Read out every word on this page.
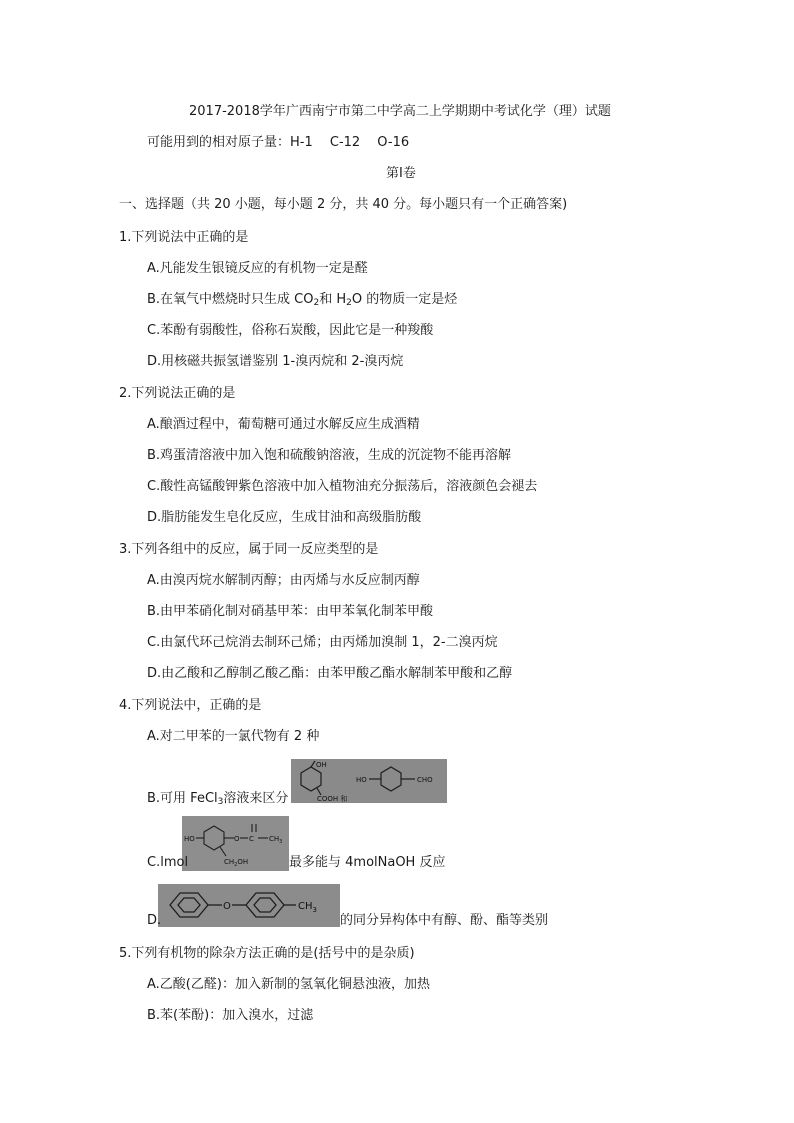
2017-2018学年广西南宁市第二中学高二上学期期中考试化学（理）试题
可能用到的相对原子量：H-1　 C-12　 O-16
第Ⅰ卷
一、选择题（共 20 小题，每小题 2 分，共 40 分。每小题只有一个正确答案)
1.下列说法中正确的是
A.凡能发生银镜反应的有机物一定是醛
B.在氧气中燃烧时只生成 $CO_2$和 $H_2O$ 的物质一定是烃
C.苯酚有弱酸性，俗称石炭酸，因此它是一种羧酸
D.用核磁共振氢谱鉴别 1-溴丙烷和 2-溴丙烷
2.下列说法正确的是
A.酿酒过程中，葡萄糖可通过水解反应生成酒精
B.鸡蛋清溶液中加入饱和硫酸钠溶液，生成的沉淀物不能再溶解
C.酸性高锰酸钾紫色溶液中加入植物油充分振荡后，溶液颜色会褪去
D.脂肪能发生皂化反应，生成甘油和高级脂肪酸
3.下列各组中的反应，属于同一反应类型的是
A.由溴丙烷水解制丙醇；由丙烯与水反应制丙醇
B.由甲苯硝化制对硝基甲苯：由甲苯氧化制苯甲酸
C.由氯代环己烷消去制环己烯；由丙烯加溴制 1，2-二溴丙烷
D.由乙酸和乙醇制乙酸乙酯：由苯甲酸乙酯水解制苯甲酸和乙醇
4.下列说法中，正确的是
A.对二甲苯的一氯代物有 2 种
B.可用 FeCl$_3$溶液来区分
OH
COOH 和
HO	CHO
HO	O C $CH_3$
$CH_2OH$
C.lmol	最多能与 4molNaOH 反应
O	$CH_3$
D.	的同分异构体中有醇、酚、酯等类别
5.下列有机物的除杂方法正确的是(括号中的是杂质)
A.乙酸(乙醛)：加入新制的氢氧化铜悬浊液，加热
B.苯(苯酚)：加入溴水，过滤
